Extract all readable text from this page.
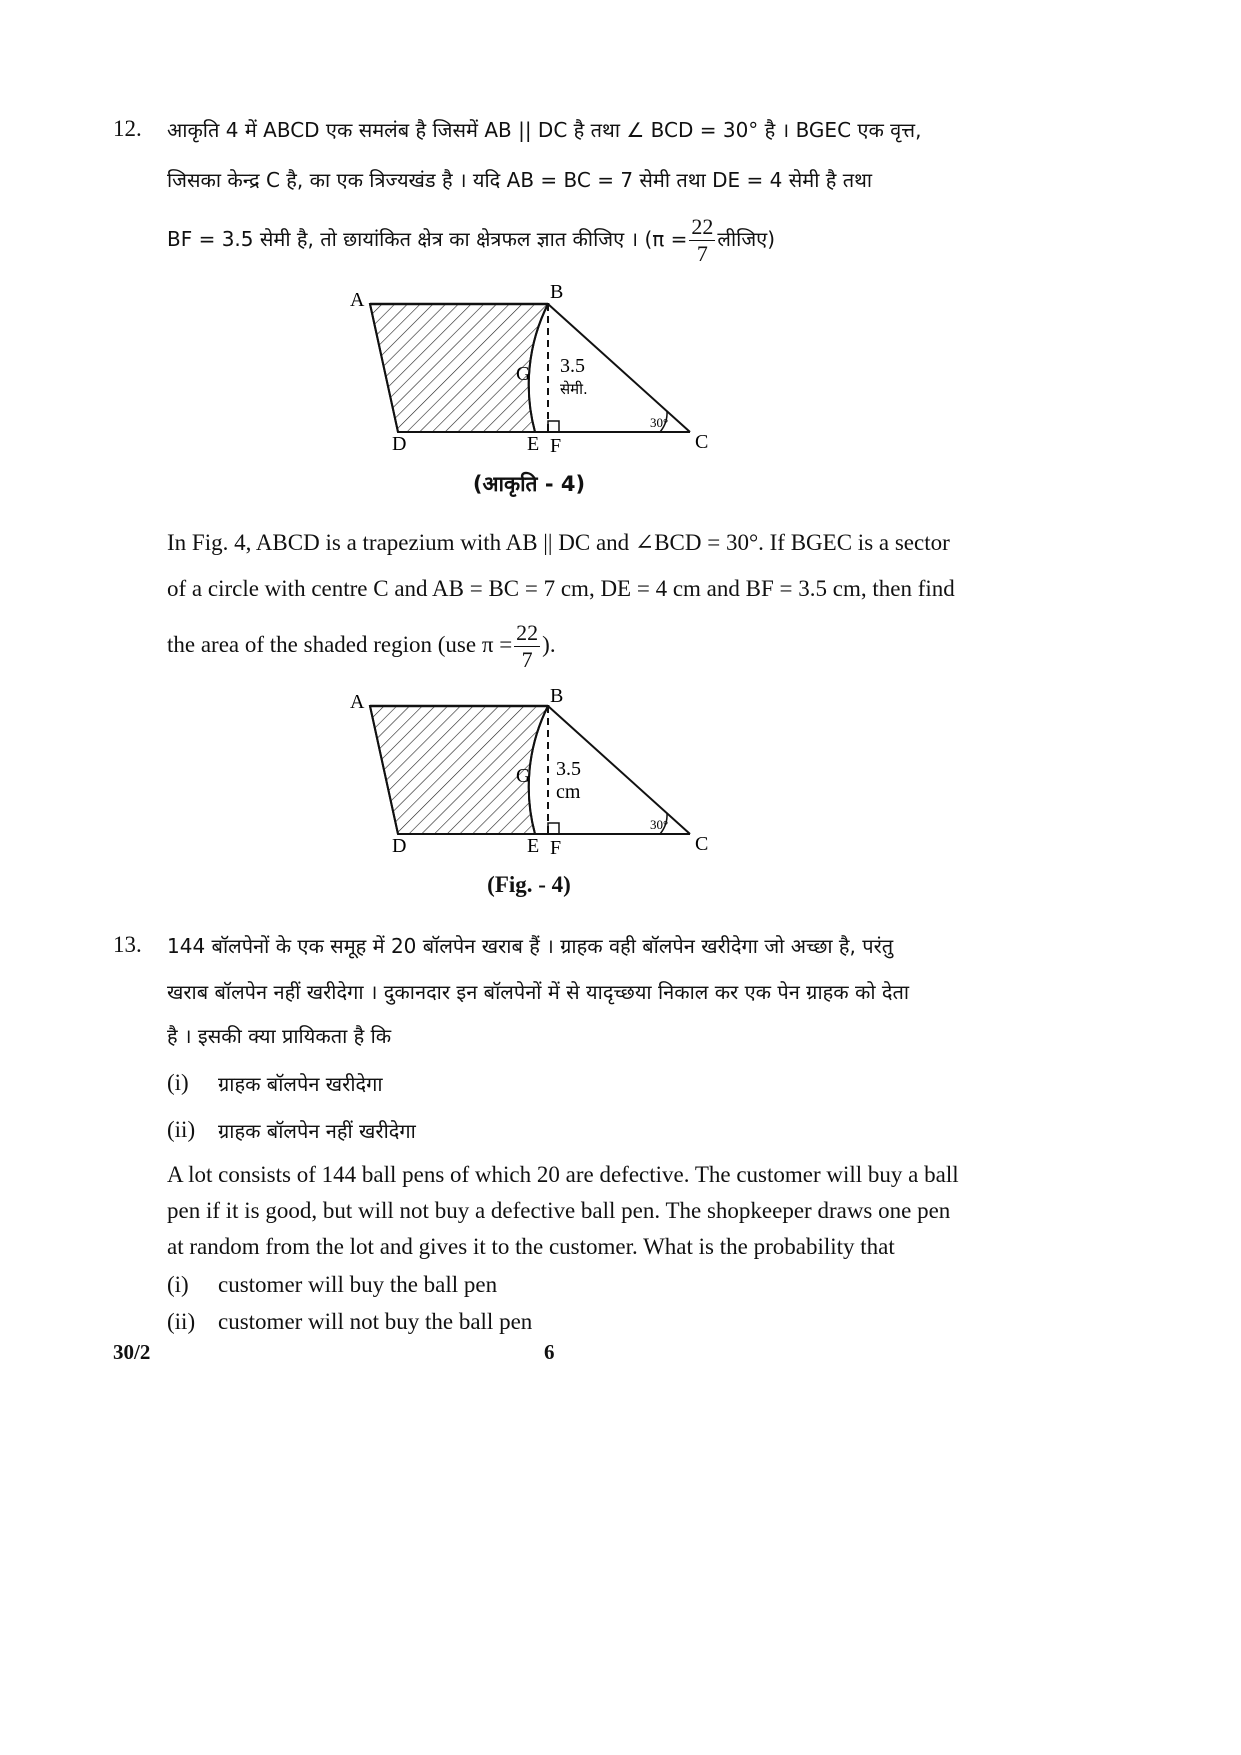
12. आकृति 4 में ABCD एक समलंब है जिसमें AB || DC है तथा ∠ BCD = 30° है । BGEC एक वृत्त,
जिसका केन्द्र C है, का एक त्रिज्यखंड है । यदि AB = BC = 7 सेमी तथा DE = 4 सेमी है तथा
BF = 3.5 सेमी है, तो छायांकित क्षेत्र का क्षेत्रफल ज्ञात कीजिए । ($\pi = \frac{22}{7}$ लीजिए)
A	B
C
D	E F
G 3.5
सेमी.
30°
(आकृति - 4)
In Fig. 4, ABCD is a trapezium with AB || DC and ∠BCD = 30°. If BGEC is a sector
of a circle with centre C and AB = BC = 7 cm, DE = 4 cm and BF = 3.5 cm, then find
the area of the shaded region (use $\pi = \frac{22}{7}$ ).
A	B
C
D	E F
G 3.5
cm
30°
(Fig. - 4)
13. 144 बॉलपेनों के एक समूह में 20 बॉलपेन खराब हैं । ग्राहक वही बॉलपेन खरीदेगा जो अच्छा है, परंतु
खराब बॉलपेन नहीं खरीदेगा । दुकानदार इन बॉलपेनों में से यादृच्छया निकाल कर एक पेन ग्राहक को देता
है । इसकी क्या प्रायिकता है कि
(i) ग्राहक बॉलपेन खरीदेगा
(ii) ग्राहक बॉलपेन नहीं खरीदेगा
A lot consists of 144 ball pens of which 20 are defective. The customer will buy a ball
pen if it is good, but will not buy a defective ball pen. The shopkeeper draws one pen
at random from the lot and gives it to the customer. What is the probability that
(i) customer will buy the ball pen
(ii) customer will not buy the ball pen
30/2	6
